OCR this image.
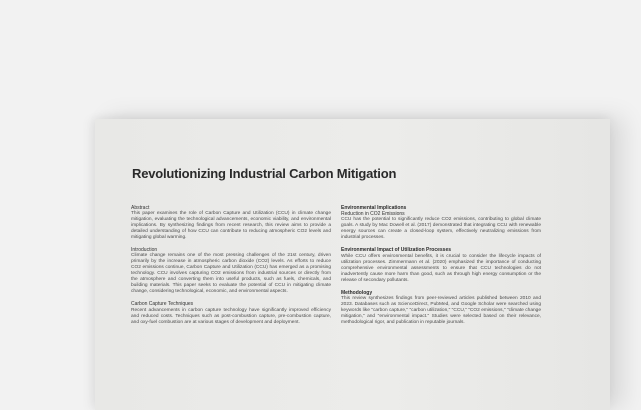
Revolutionizing Industrial Carbon Mitigation
Abstract
This paper examines the role of Carbon Capture and Utilization (CCU) in climate change mitigation, evaluating the technological advancements, economic viability, and environmental implications. By synthesizing findings from recent research, this review aims to provide a detailed understanding of how CCU can contribute to reducing atmospheric CO2 levels and mitigating global warming.
Introduction
Climate change remains one of the most pressing challenges of the 21st century, driven primarily by the increase in atmospheric carbon dioxide (CO2) levels. As efforts to reduce CO2 emissions continue, Carbon Capture and Utilization (CCU) has emerged as a promising technology. CCU involves capturing CO2 emissions from industrial sources or directly from the atmosphere and converting them into useful products, such as fuels, chemicals, and building materials. This paper seeks to evaluate the potential of CCU in mitigating climate change, considering technological, economic, and environmental aspects.
Carbon Capture Techniques
Recent advancements in carbon capture technology have significantly improved efficiency and reduced costs. Techniques such as post-combustion capture, pre-combustion capture, and oxy-fuel combustion are at various stages of development and deployment.
Environmental Implications
Reduction in CO2 Emissions
CCU has the potential to significantly reduce CO2 emissions, contributing to global climate goals. A study by Mac Dowell et al. (2017) demonstrated that integrating CCU with renewable energy sources can create a closed-loop system, effectively neutralizing emissions from industrial processes.
Environmental Impact of Utilization Processes
While CCU offers environmental benefits, it is crucial to consider the lifecycle impacts of utilization processes. Zimmermann et al. (2020) emphasized the importance of conducting comprehensive environmental assessments to ensure that CCU technologies do not inadvertently cause more harm than good, such as through high energy consumption or the release of secondary pollutants.
Methodology
This review synthesizes findings from peer-reviewed articles published between 2010 and 2023. Databases such as ScienceDirect, PubMed, and Google Scholar were searched using keywords like "carbon capture," "carbon utilization," "CCU," "CO2 emissions," "climate change mitigation," and "environmental impact." Studies were selected based on their relevance, methodological rigor, and publication in reputable journals.
